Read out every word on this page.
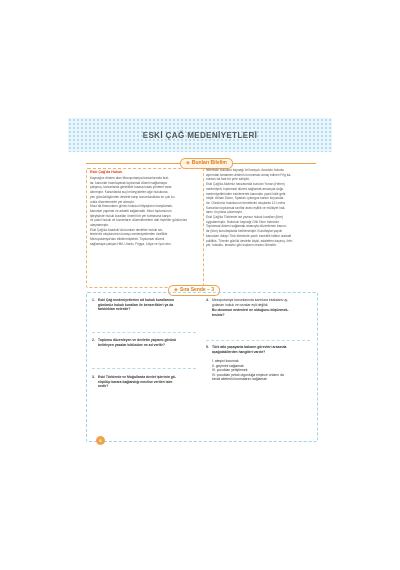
ESKİ ÇAĞ MEDENİYETLERİ
◆ Bunları Bilelim
Eski Çağ'da Hukuk
Kaynağını dinden alan Mezopotamya kanunlarında kral-
lar, kanunlar hazırlayarak toplumsal düzeni sağlamaya
çalışmış, kanunlarda genellikle kısasa kısas yöntemi esas
alınmıştır. Kanunlarda suçl müeyyideleri ağır hukukuna-
yen gücsüzlügünden devlete karşı sorumluluklara en çok ku-
rulda düzenlemeler yer almıştır.
Mısır'da firavunların güven hukuku ihtiyaçlarını karşılamak,
kanunlar yapmak ve adaleti sağlamaktı. Mısır toplumunun
işleyişinde hukuk kuralları önemli bir yer tutmasına karşın
ve yazılı hukuk ve kurumların düzenlemelere dair hiçbirler günümüze
ulaşmamıştır.
Eski Çağ'da Anadolu'da kurulan devletler hukuk sis-
temlerini oluştururken komşu medeniyetlerden özellikle
Mezopotamya'dan etkilenmişlerdir. Toplumsal düzeni
sağlamaya çalışan Hitit, Urartu, Frigya, Lidya ve İyon dev-
letlerinde hukukun kaynağı örf kanıydı. Anadolu hukuku
ayrımdan tamamen dinlerin korunması amaç edinen Frig ka-
nunları da fark bir yere sahiptir.
Eski Çağ'da Akdeniz havzasında kurulan Yunan (Helen)
medeniyeti, toplumsal düzeni sağlamak amacıyla doğu
medeniyetlerinden esinlenerek kanunları yazılı hâle getir-
miştir. Atinalı Solon, Spartalı Lykurgus kanun koyucular-
dır. Günümüz hukukunun temellerini oluşturan 12 Levha
Kanunları toplumsal sınıflar arası eşitlik ve mülkiyet hak-
larını ön plana çıkarmıştır.
Eski Çağ'da Türklerde ise yazısız hukuk kuralları (töre)
uygulanmıştır. Hukukun kaynağı Gök Tanrı inancıdır.
Toplumsal düzeni sağlamak amacıyla düzenlenen kanun-
lar (töre) kurultaylarda belirlenmiştir. Kurultaylar yapılır
kanunları dolayı Türk töresinde yazılı esneklik hâkim oradaki
politikis. Törenin günlük devletin kişisi, adaletten kaçınış, örfe-
yet, hukuklu, tecavüz gibi suçların cezası ölümdür.
◆ Sıra Sende – 3
1. Eski Çağ medeniyetlerine ait hukuk kurallarının
günümüz hukuk kuralları ile benzerlikleri ya da
farklılıkları nelerdir?
2. Toplumu düzenleyen ve devletin yapısını görünü
belirleyen yasalar bütününe ne ad verilir?
3. Eski Türklerde ve Moğollarda devlet işlerinin gö-
rüşülüp karara bağlandığı meclise verilen isim
nedir?
4. Mezopotamya kanunlarında karınlara kıtalalara uy-
gulanan hukuk ve cezalar eşit değildi.
Bu durumun nedenleri ne olduğunu düşünmek-
tesiniz?
5. Türk atla yaşayanla bakarın görevleri arasında
aşağıdakilerden hangileri vardır?
I. ateşini korumak
II. geçimini sağlamak
III. çocukları yetiştirmek
IV. çocukları petalı olgunluğa erişince onların da
kendi ailelerini kurmalarını sağlamak
6
